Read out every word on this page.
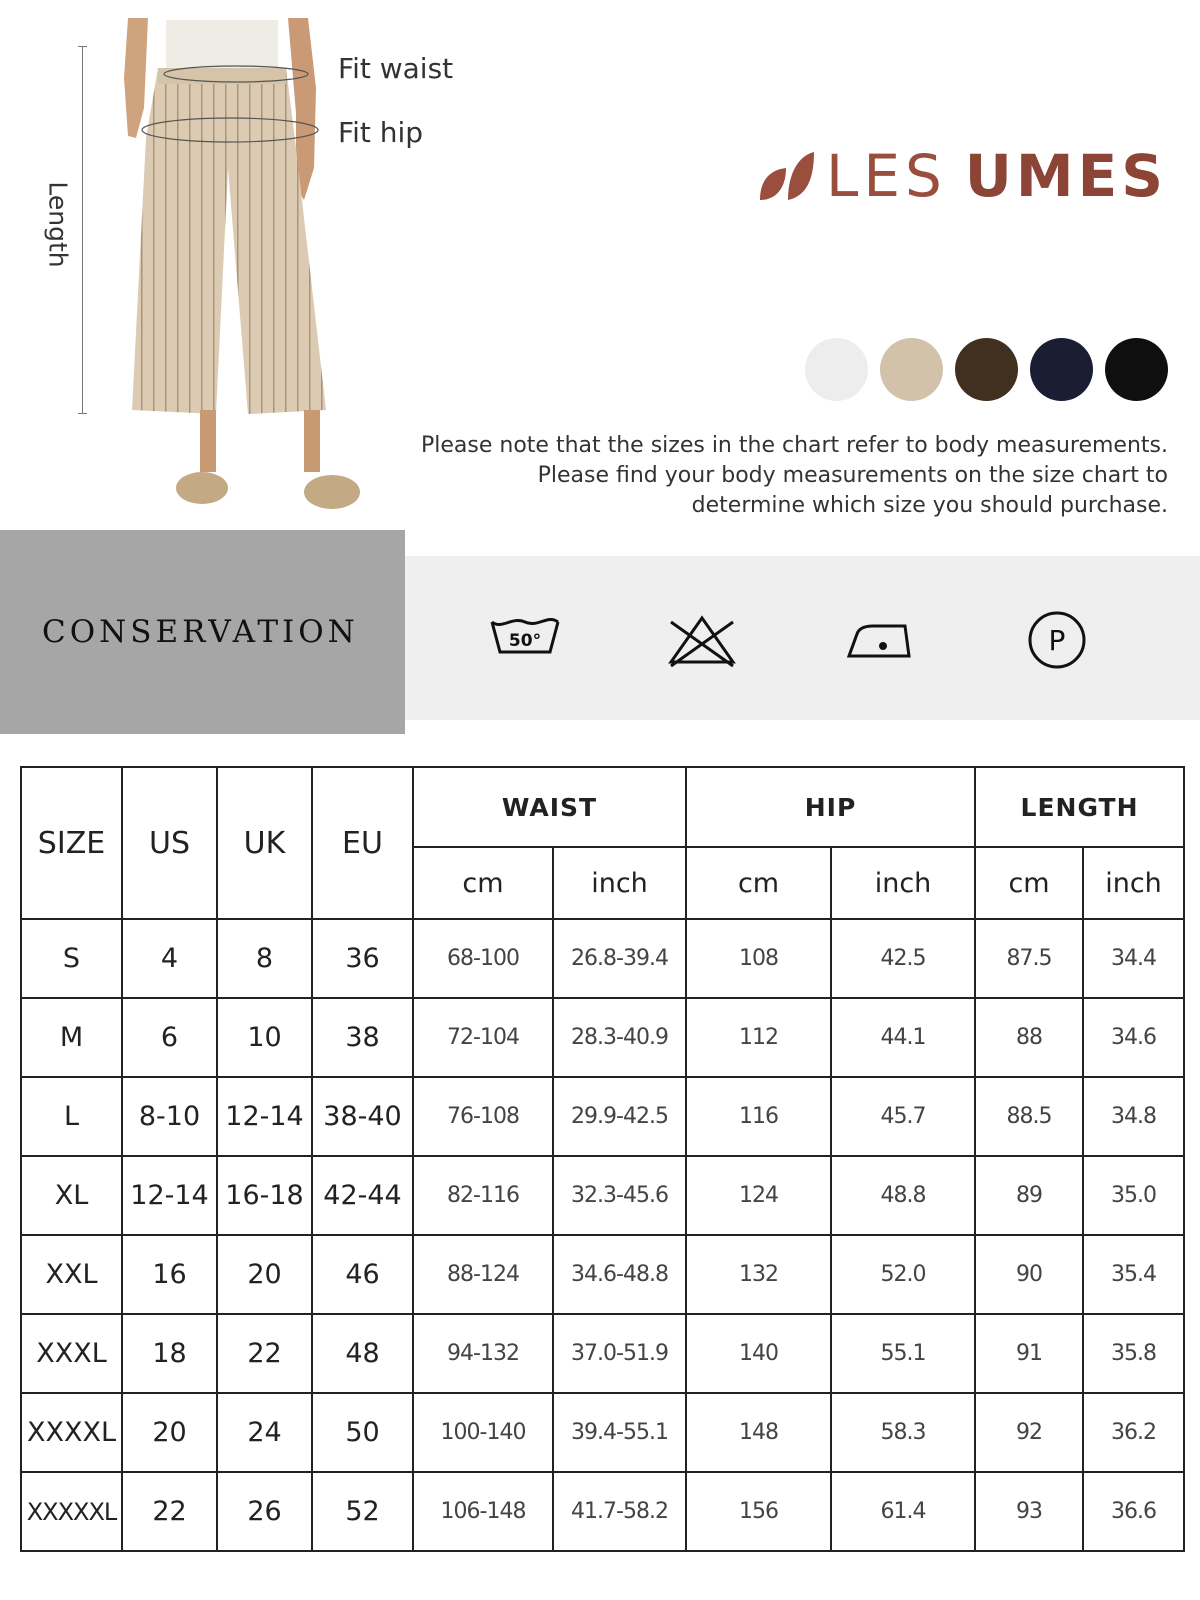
Length
Fit waist
Fit hip
LES UMES
Please note that the sizes in the chart refer to body measurements.
Please find your body measurements on the size chart to
determine which size you should purchase.
CONSERVATION	50°	P
SIZE	US	UK	EU	WAIST		HIP		LENGTH	
				cm	inch	cm	inch	cm	inch
S	4	8	36	68-100	26.8-39.4	108	42.5	87.5	34.4
M	6	10	38	72-104	28.3-40.9	112	44.1	88	34.6
L	8-10	12-14	38-40	76-108	29.9-42.5	116	45.7	88.5	34.8
XL	12-14	16-18	42-44	82-116	32.3-45.6	124	48.8	89	35.0
XXL	16	20	46	88-124	34.6-48.8	132	52.0	90	35.4
XXXL	18	22	48	94-132	37.0-51.9	140	55.1	91	35.8
XXXXL	20	24	50	100-140	39.4-55.1	148	58.3	92	36.2
XXXXXL	22	26	52	106-148	41.7-58.2	156	61.4	93	36.6
